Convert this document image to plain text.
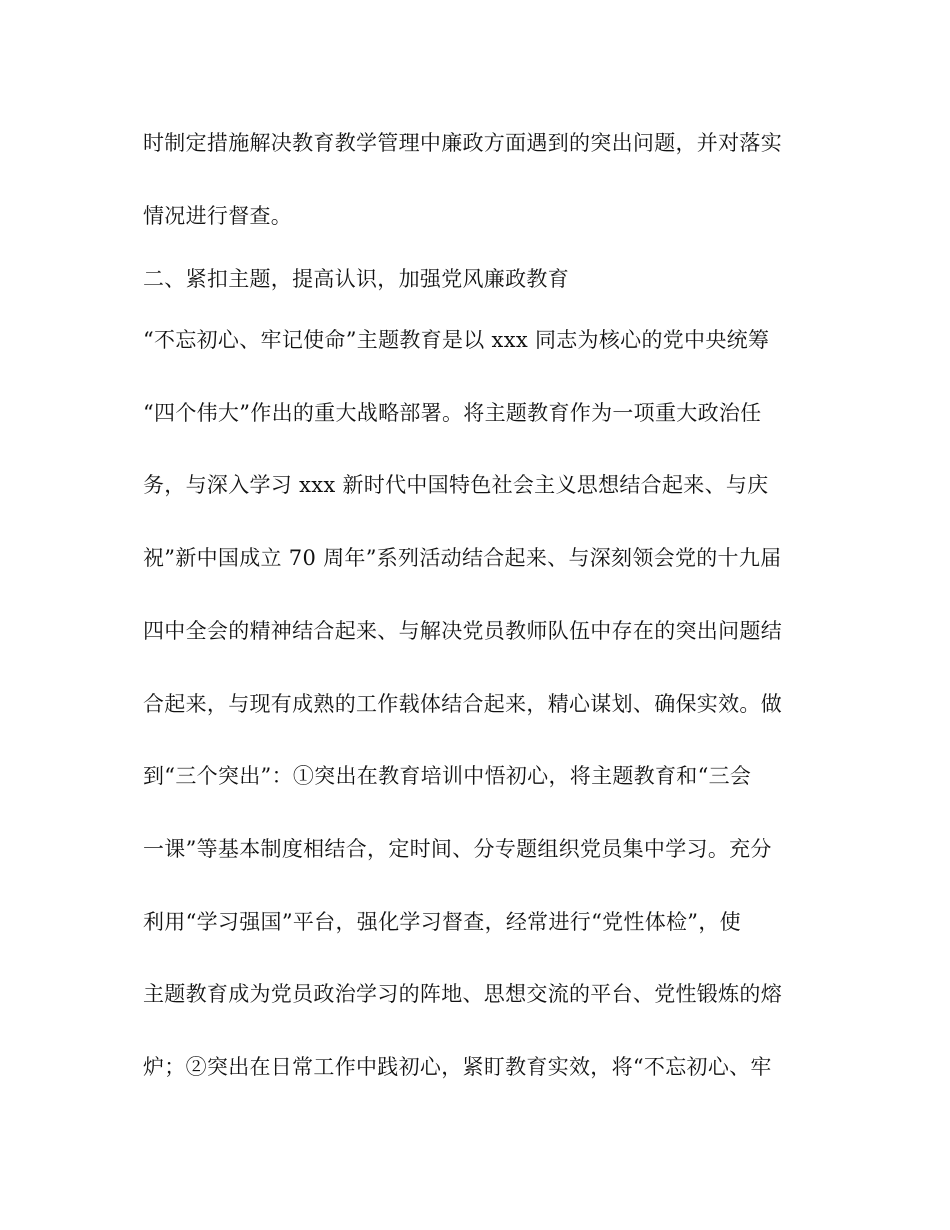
时制定措施解决教育教学管理中廉政方面遇到的突出问题，并对落实
情况进行督查。
二、紧扣主题，提高认识，加强党风廉政教育
“不忘初心、牢记使命”主题教育是以 xxx 同志为核心的党中央统筹
“四个伟大”作出的重大战略部署。将主题教育作为一项重大政治任
务，与深入学习 xxx 新时代中国特色社会主义思想结合起来、与庆
祝”新中国成立 70 周年”系列活动结合起来、与深刻领会党的十九届
四中全会的精神结合起来、与解决党员教师队伍中存在的突出问题结
合起来，与现有成熟的工作载体结合起来，精心谋划、确保实效。做
到“三个突出”：①突出在教育培训中悟初心，将主题教育和“三会
一课”等基本制度相结合，定时间、分专题组织党员集中学习。充分
利用“学习强国”平台，强化学习督查，经常进行“党性体检”，使
主题教育成为党员政治学习的阵地、思想交流的平台、党性锻炼的熔
炉；②突出在日常工作中践初心，紧盯教育实效，将“不忘初心、牢
